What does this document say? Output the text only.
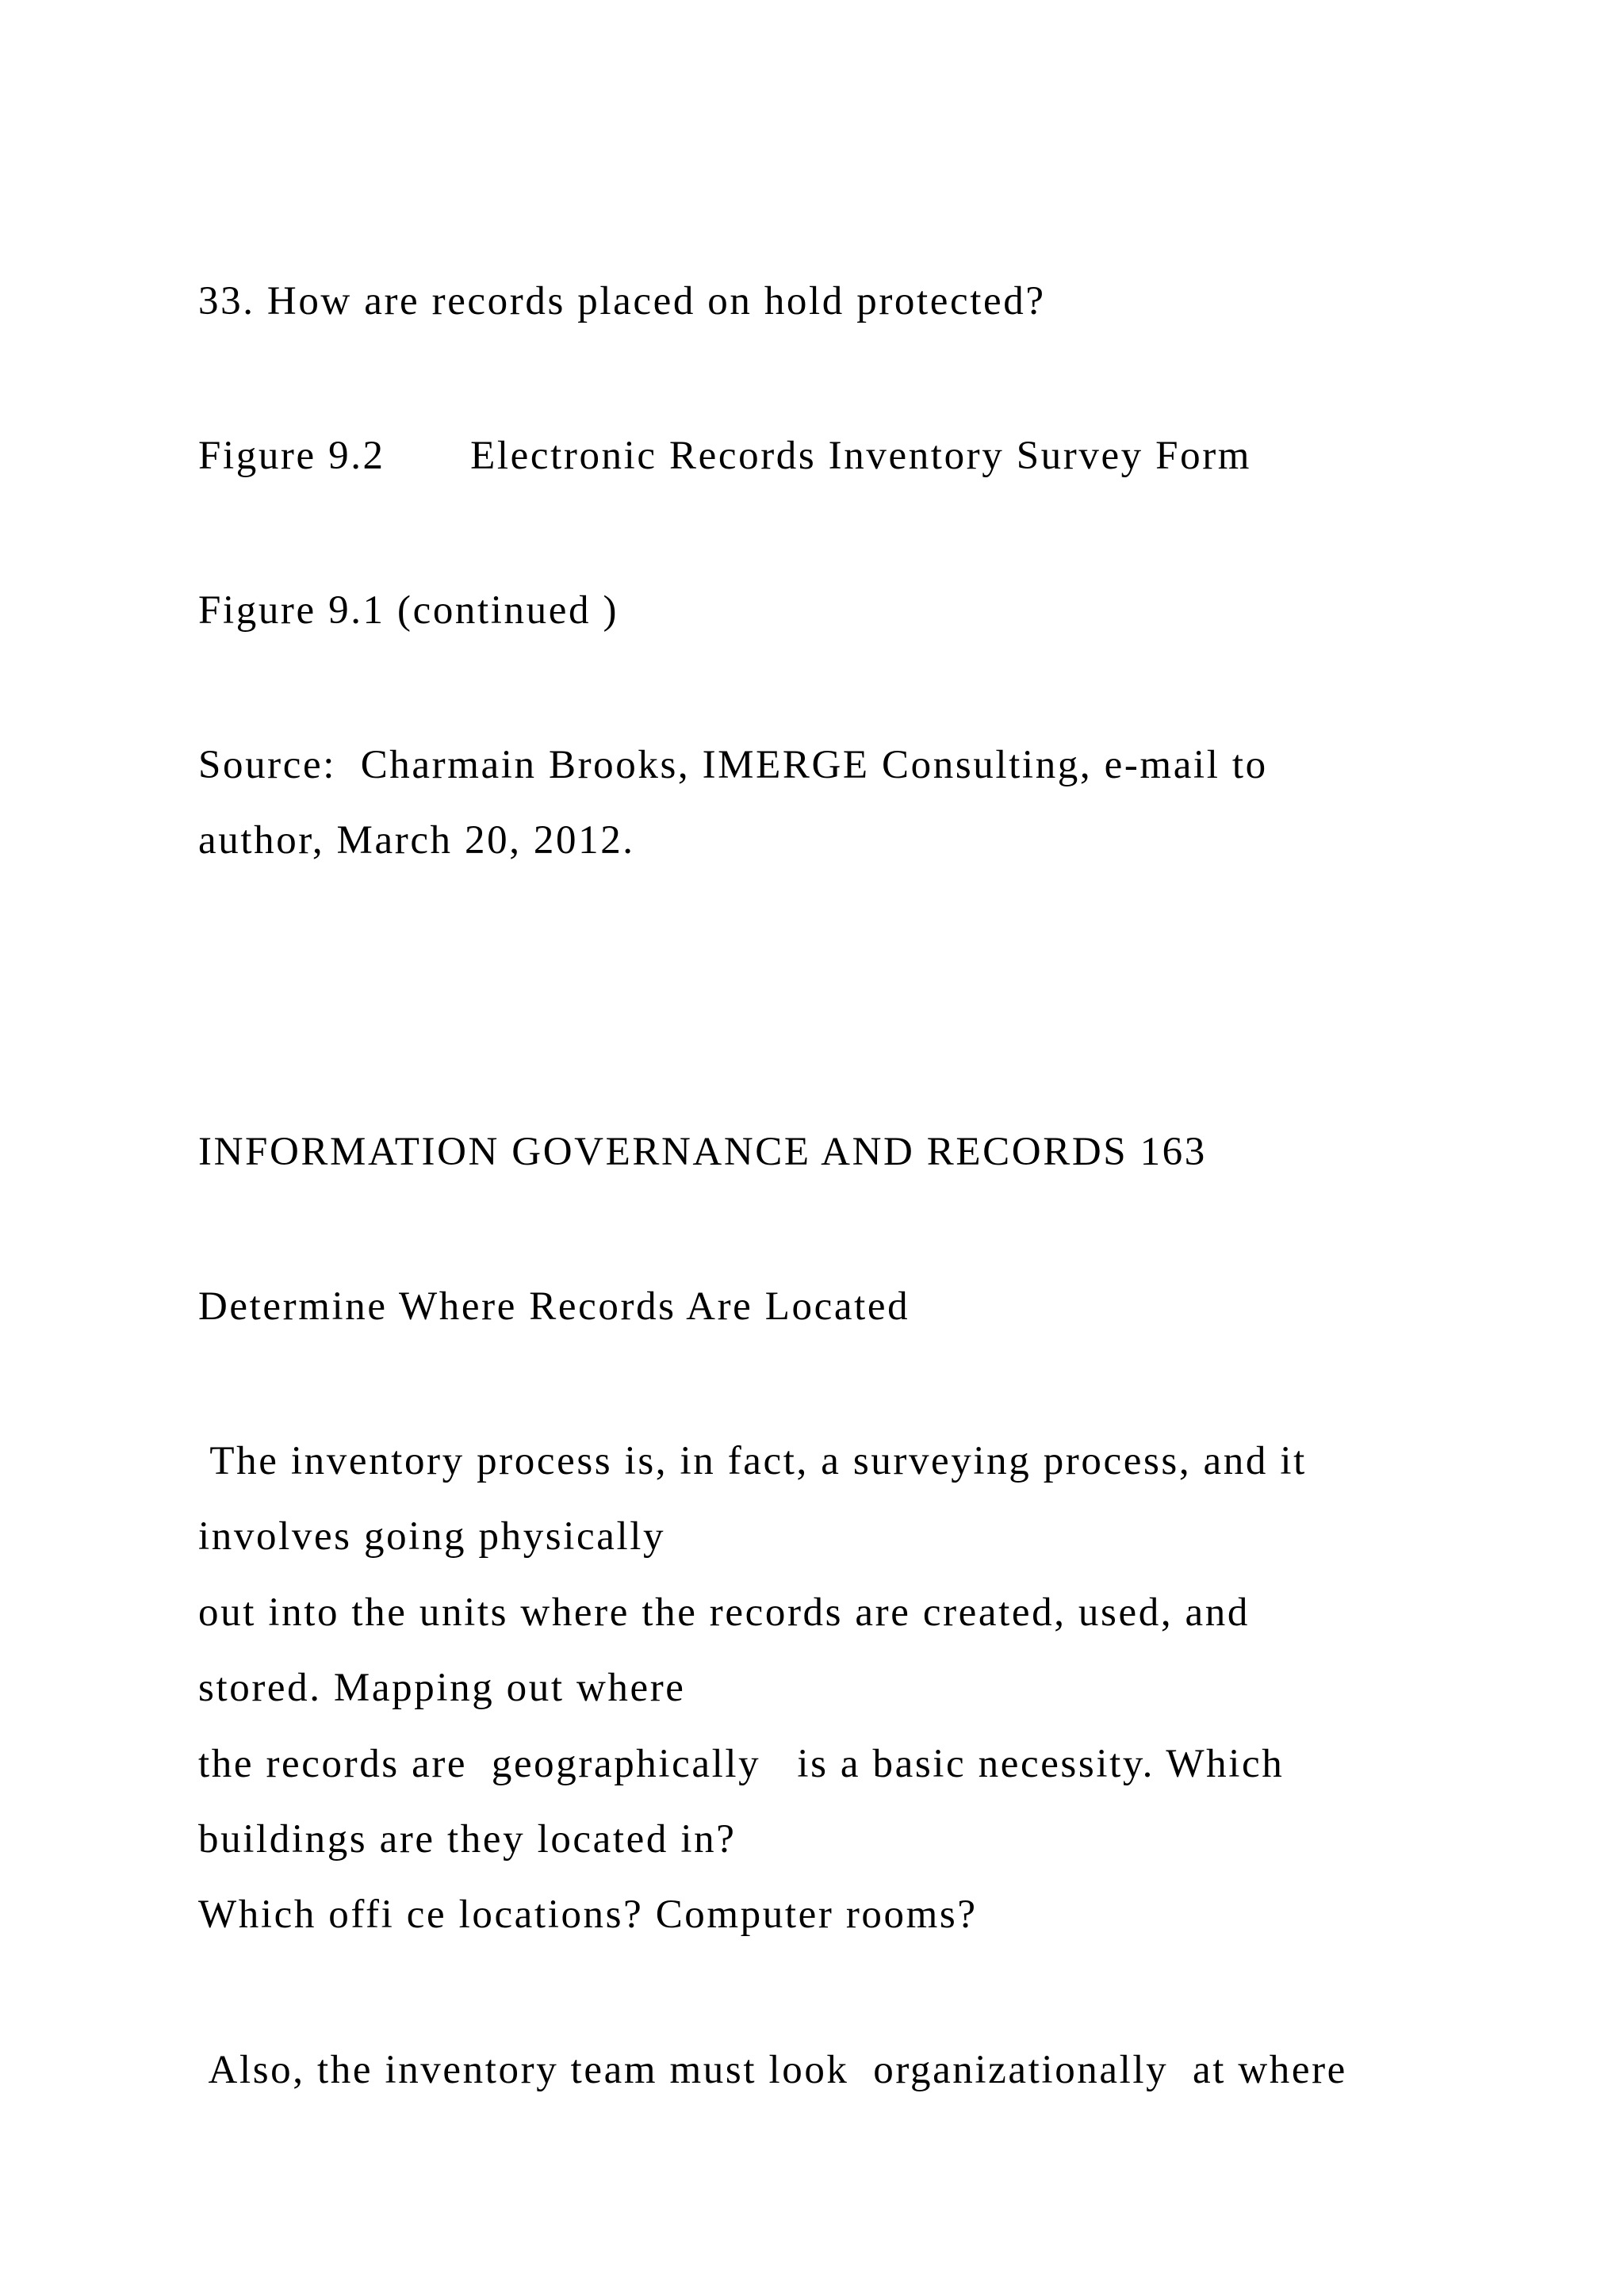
33. How are records placed on hold protected?
Figure 9.2       Electronic Records Inventory Survey Form
Figure 9.1 (continued )
Source:  Charmain Brooks, IMERGE Consulting, e-mail to
author, March 20, 2012.
INFORMATION GOVERNANCE AND RECORDS 163
Determine Where Records Are Located
The inventory process is, in fact, a surveying process, and it
involves going physically
out into the units where the records are created, used, and
stored. Mapping out where
the records are  geographically   is a basic necessity. Which
buildings are they located in?
Which offi ce locations? Computer rooms?
Also, the inventory team must look  organizationally  at where
